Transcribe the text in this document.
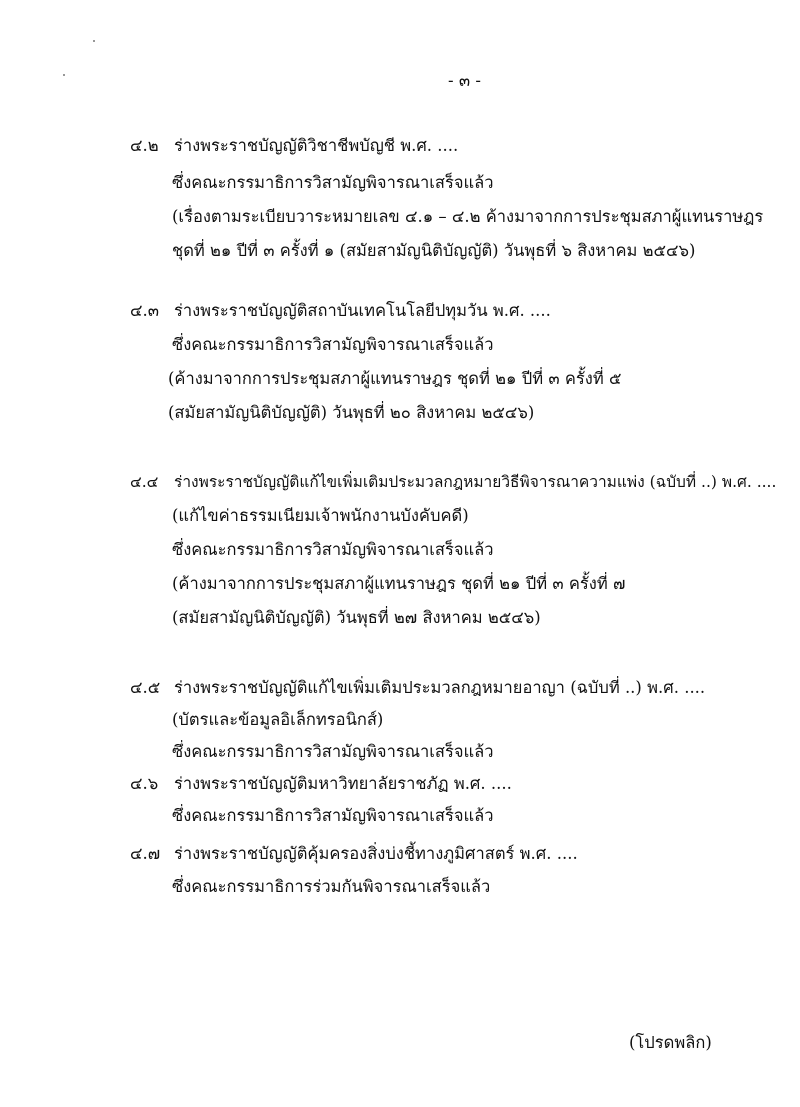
- ๓ -
๔.๒ ร่างพระราชบัญญัติวิชาชีพบัญชี พ.ศ. ....
ซึ่งคณะกรรมาธิการวิสามัญพิจารณาเสร็จแล้ว
(เรื่องตามระเบียบวาระหมายเลข ๔.๑ – ๔.๒ ค้างมาจากการประชุมสภาผู้แทนราษฎร
ชุดที่ ๒๑ ปีที่ ๓ ครั้งที่ ๑ (สมัยสามัญนิติบัญญัติ) วันพุธที่ ๖ สิงหาคม ๒๕๔๖)
๔.๓ ร่างพระราชบัญญัติสถาบันเทคโนโลยีปทุมวัน พ.ศ. ....
ซึ่งคณะกรรมาธิการวิสามัญพิจารณาเสร็จแล้ว
(ค้างมาจากการประชุมสภาผู้แทนราษฎร ชุดที่ ๒๑ ปีที่ ๓ ครั้งที่ ๕
(สมัยสามัญนิติบัญญัติ) วันพุธที่ ๒๐ สิงหาคม ๒๕๔๖)
๔.๔ ร่างพระราชบัญญัติแก้ไขเพิ่มเติมประมวลกฎหมายวิธีพิจารณาความแพ่ง (ฉบับที่ ..) พ.ศ. ....
(แก้ไขค่าธรรมเนียมเจ้าพนักงานบังคับคดี)
ซึ่งคณะกรรมาธิการวิสามัญพิจารณาเสร็จแล้ว
(ค้างมาจากการประชุมสภาผู้แทนราษฎร ชุดที่ ๒๑ ปีที่ ๓ ครั้งที่ ๗
(สมัยสามัญนิติบัญญัติ) วันพุธที่ ๒๗ สิงหาคม ๒๕๔๖)
๔.๕ ร่างพระราชบัญญัติแก้ไขเพิ่มเติมประมวลกฎหมายอาญา (ฉบับที่ ..) พ.ศ. ....
(บัตรและข้อมูลอิเล็กทรอนิกส์)
ซึ่งคณะกรรมาธิการวิสามัญพิจารณาเสร็จแล้ว
๔.๖ ร่างพระราชบัญญัติมหาวิทยาลัยราชภัฏ พ.ศ. ....
ซึ่งคณะกรรมาธิการวิสามัญพิจารณาเสร็จแล้ว
๔.๗ ร่างพระราชบัญญัติคุ้มครองสิ่งบ่งชี้ทางภูมิศาสตร์ พ.ศ. ....
ซึ่งคณะกรรมาธิการร่วมกันพิจารณาเสร็จแล้ว
(โปรดพลิก)
